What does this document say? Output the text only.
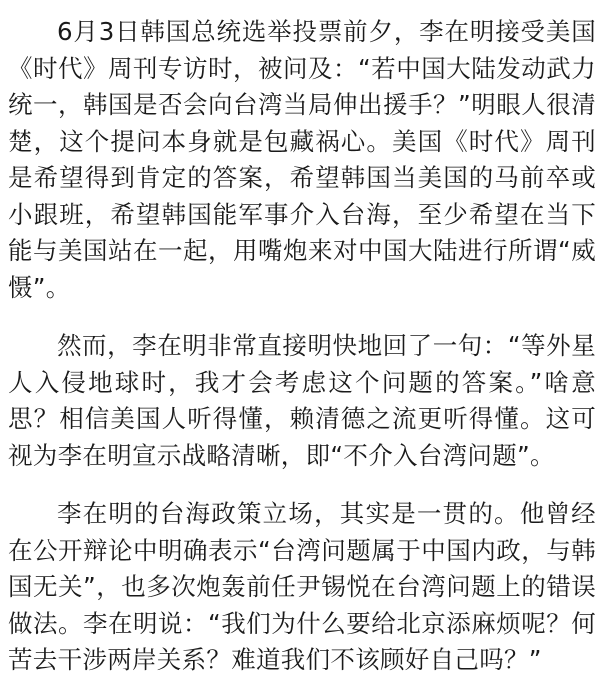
6月3日韩国总统选举投票前夕，李在明接受美国《时代》周刊专访时，被问及：“若中国大陆发动武力统一，韩国是否会向台湾当局伸出援手？”明眼人很清楚，这个提问本身就是包藏祸心。美国《时代》周刊是希望得到肯定的答案，希望韩国当美国的马前卒或小跟班，希望韩国能军事介入台海，至少希望在当下能与美国站在一起，用嘴炮来对中国大陆进行所谓“威慑”。

然而，李在明非常直接明快地回了一句：“等外星人入侵地球时，我才会考虑这个问题的答案。”啥意思？相信美国人听得懂，赖清德之流更听得懂。这可视为李在明宣示战略清晰，即“不介入台湾问题”。

李在明的台海政策立场，其实是一贯的。他曾经在公开辩论中明确表示“台湾问题属于中国内政，与韩国无关”，也多次炮轰前任尹锡悦在台湾问题上的错误做法。李在明说：“我们为什么要给北京添麻烦呢？何苦去干涉两岸关系？难道我们不该顾好自己吗？”
